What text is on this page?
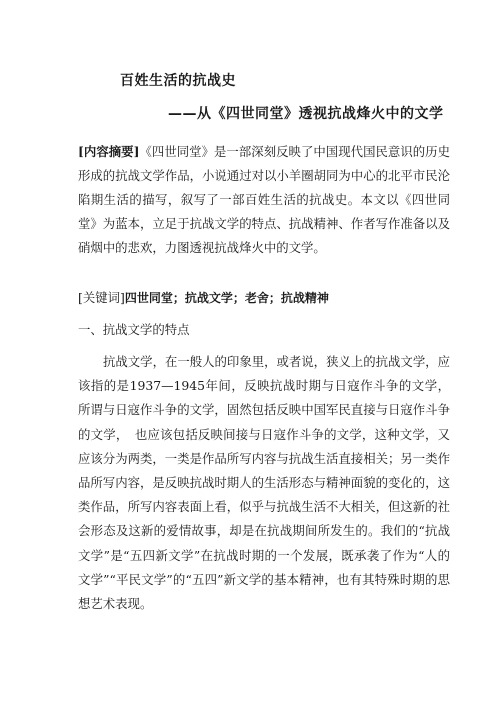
百姓生活的抗战史
——从《四世同堂》透视抗战烽火中的文学
[内容摘要]《四世同堂》是一部深刻反映了中国现代国民意识的历史形成的抗战文学作品，小说通过对以小羊圈胡同为中心的北平市民沦陷期生活的描写，叙写了一部百姓生活的抗战史。本文以《四世同堂》为蓝本，立足于抗战文学的特点、抗战精神、作者写作准备以及硝烟中的悲欢，力图透视抗战烽火中的文学。
[关键词]四世同堂；抗战文学；老舍；抗战精神
一、抗战文学的特点
抗战文学，在一般人的印象里，或者说，狭义上的抗战文学，应该指的是1937—1945年间，反映抗战时期与日寇作斗争的文学，所谓与日寇作斗争的文学，固然包括反映中国军民直接与日寇作斗争的文学，　也应该包括反映间接与日寇作斗争的文学，这种文学，又应该分为两类，一类是作品所写内容与抗战生活直接相关；另一类作品所写内容，是反映抗战时期人的生活形态与精神面貌的变化的，这类作品，所写内容表面上看，似乎与抗战生活不大相关，但这新的社会形态及这新的爱情故事，却是在抗战期间所发生的。我们的“抗战文学”是“五四新文学”在抗战时期的一个发展，既承袭了作为“人的文学”“平民文学”的“五四”新文学的基本精神，也有其特殊时期的思想艺术表现。
